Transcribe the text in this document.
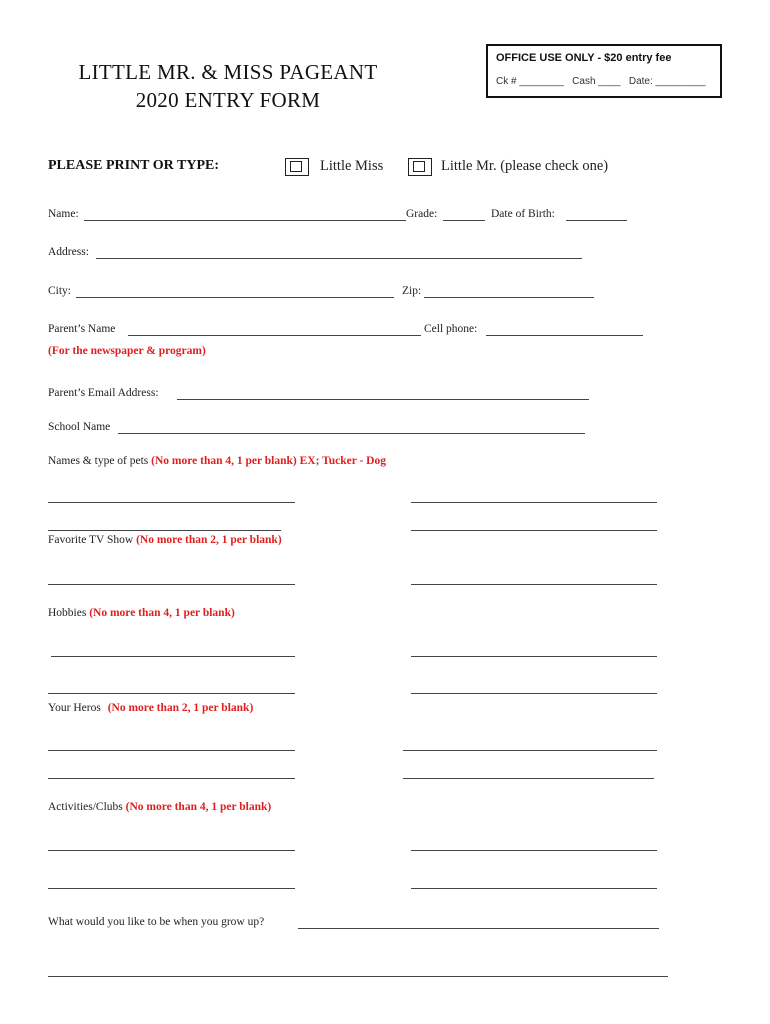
LITTLE MR. & MISS PAGEANT
2020 ENTRY FORM
OFFICE USE ONLY - $20 entry fee
Ck # ________   Cash ____   Date: _________
PLEASE PRINT OR TYPE:	Little Miss	Little Mr. (please check one)
Name:	Grade:	Date of Birth:
Address:
City:	Zip:
Parent’s Name	Cell phone:
(For the newspaper & program)
Parent’s Email Address:
School Name
Names & type of pets (No more than 4, 1 per blank) EX; Tucker - Dog
Favorite TV Show (No more than 2, 1 per blank)
Hobbies (No more than 4, 1 per blank)
Your Heros (No more than 2, 1 per blank)
Activities/Clubs (No more than 4, 1 per blank)
What would you like to be when you grow up?
